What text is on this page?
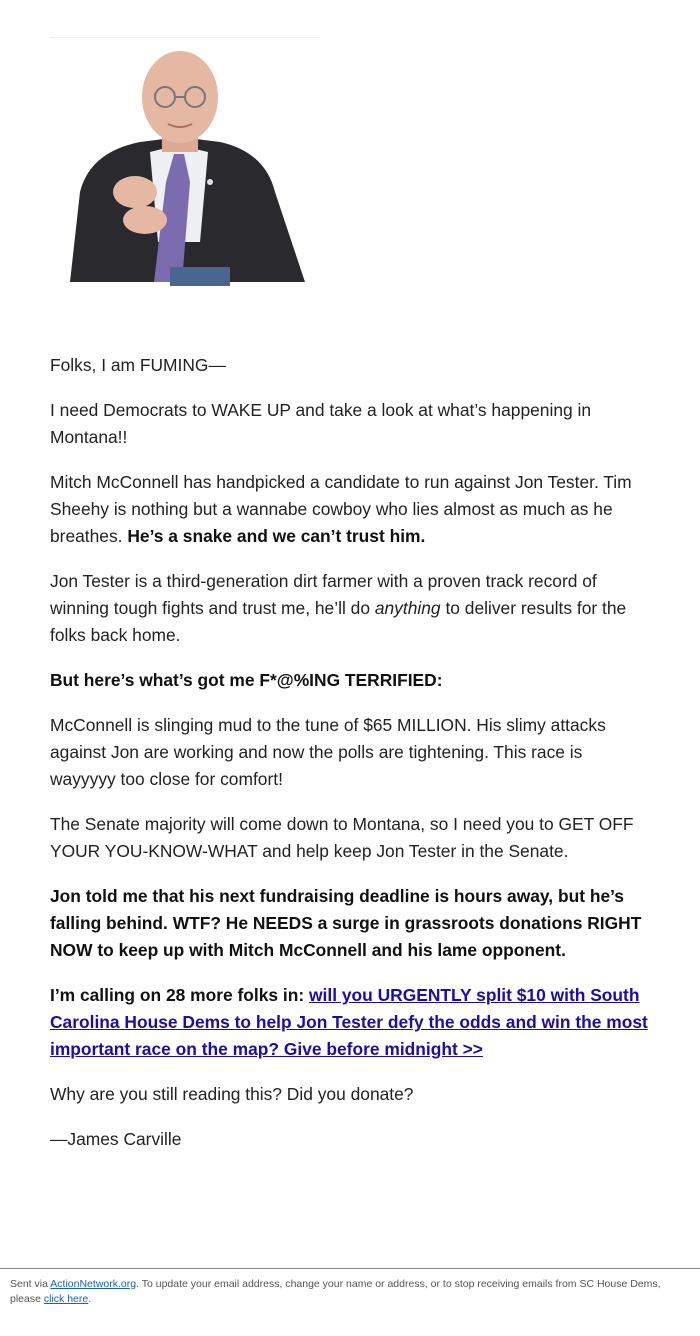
Folks, I am FUMING—

I need Democrats to WAKE UP and take a look at what’s happening in Montana!!

Mitch McConnell has handpicked a candidate to run against Jon Tester. Tim Sheehy is nothing but a wannabe cowboy who lies almost as much as he breathes. He’s a snake and we can’t trust him.

Jon Tester is a third-generation dirt farmer with a proven track record of winning tough fights and trust me, he’ll do anything to deliver results for the folks back home.

But here’s what’s got me F*@%ING TERRIFIED:

McConnell is slinging mud to the tune of $65 MILLION. His slimy attacks against Jon are working and now the polls are tightening. This race is wayyyyy too close for comfort!

The Senate majority will come down to Montana, so I need you to GET OFF YOUR YOU-KNOW-WHAT and help keep Jon Tester in the Senate.

Jon told me that his next fundraising deadline is hours away, but he’s falling behind. WTF? He NEEDS a surge in grassroots donations RIGHT NOW to keep up with Mitch McConnell and his lame opponent.

I’m calling on 28 more folks in: will you URGENTLY split $10 with South Carolina House Dems to help Jon Tester defy the odds and win the most important race on the map? Give before midnight >>

Why are you still reading this? Did you donate?

—James Carville

Sent via ActionNetwork.org. To update your email address, change your name or address, or to stop receiving emails from SC House Dems, please click here.
